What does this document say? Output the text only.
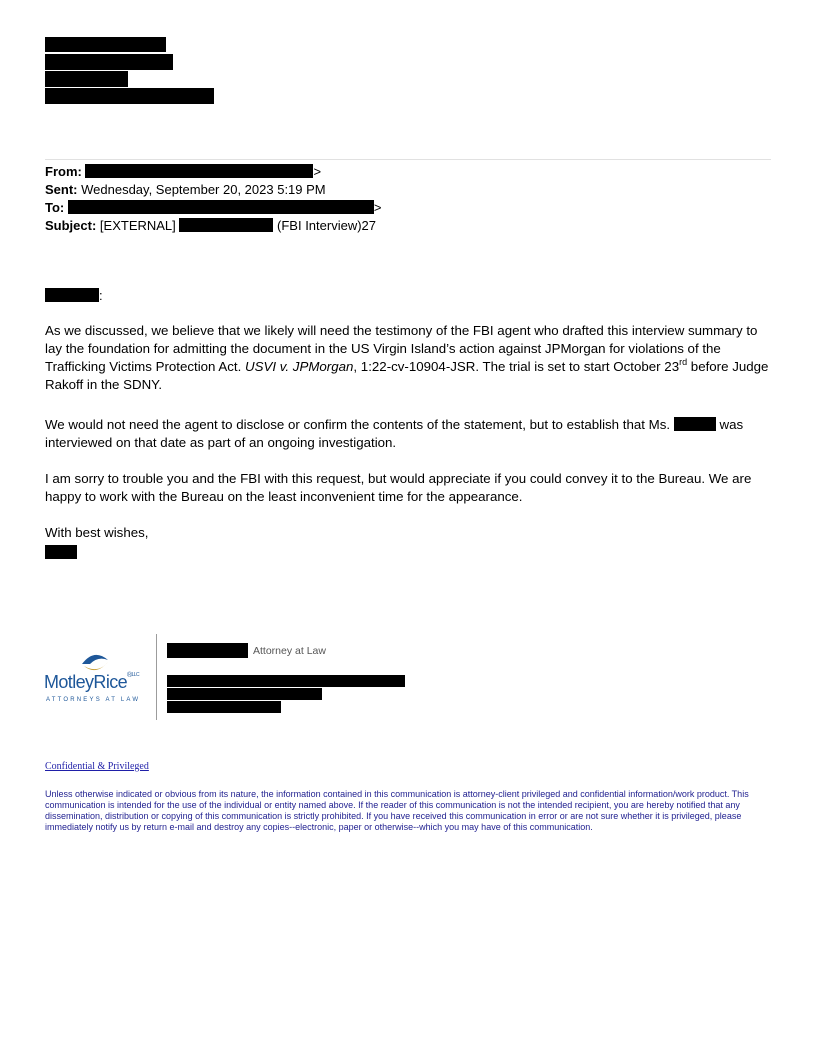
From:	>
Sent: Wednesday, September 20, 2023 5:19 PM
To:	>
Subject: [EXTERNAL]	(FBI Interview)27
:

As we discussed, we believe that we likely will need the testimony of the FBI agent who drafted this interview summary to lay the foundation for admitting the document in the US Virgin Island’s action against JPMorgan for violations of the Trafficking Victims Protection Act. USVI v. JPMorgan, 1:22-cv-10904-JSR. The trial is set to start October 23rd before Judge Rakoff in the SDNY.

We would not need the agent to disclose or confirm the contents of the statement, but to establish that Ms.	was interviewed on that date as part of an ongoing investigation.

I am sorry to trouble you and the FBI with this request, but would appreciate if you could convey it to the Bureau. We are happy to work with the Bureau on the least inconvenient time for the appearance.

With best wishes,

MotleyRice$^{®LLC}$
ATTORNEYS AT LAW
Attorney at Law
Confidential & Privileged
Unless otherwise indicated or obvious from its nature, the information contained in this communication is attorney-client privileged and confidential information/work product. This communication is intended for the use of the individual or entity named above. If the reader of this communication is not the intended recipient, you are hereby notified that any dissemination, distribution or copying of this communication is strictly prohibited. If you have received this communication in error or are not sure whether it is privileged, please immediately notify us by return e-mail and destroy any copies--electronic, paper or otherwise--which you may have of this communication.
